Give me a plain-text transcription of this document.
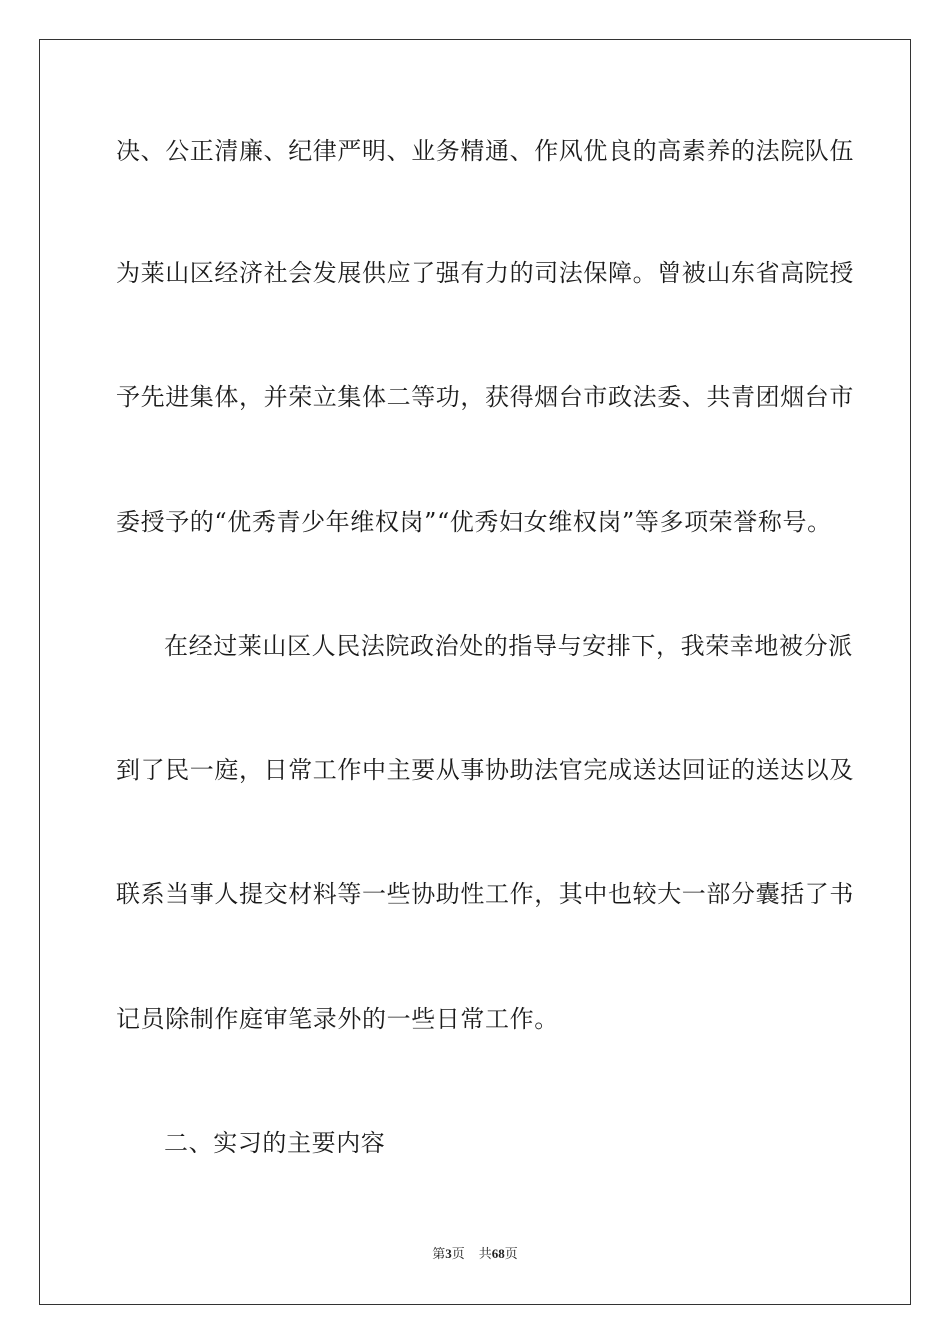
决、公正清廉、纪律严明、业务精通、作风优良的高素养的法院队伍
为莱山区经济社会发展供应了强有力的司法保障。曾被山东省高院授
予先进集体，并荣立集体二等功，获得烟台市政法委、共青团烟台市
委授予的“优秀青少年维权岗”“优秀妇女维权岗”等多项荣誉称号。
在经过莱山区人民法院政治处的指导与安排下，我荣幸地被分派
到了民一庭，日常工作中主要从事协助法官完成送达回证的送达以及
联系当事人提交材料等一些协助性工作，其中也较大一部分囊括了书
记员除制作庭审笔录外的一些日常工作。
二、实习的主要内容
第3页 共68页
